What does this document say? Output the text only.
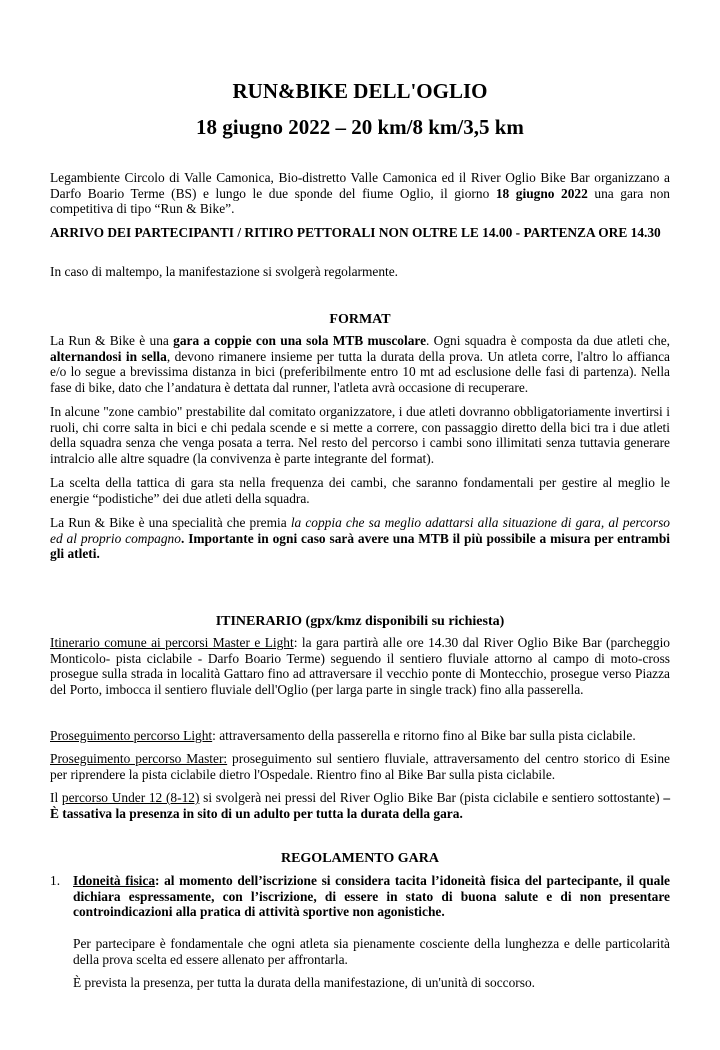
RUN&BIKE DELL'OGLIO
18 giugno 2022 – 20 km/8 km/3,5 km

Legambiente Circolo di Valle Camonica, Bio-distretto Valle Camonica ed il River Oglio Bike Bar organizzano a Darfo Boario Terme (BS) e lungo le due sponde del fiume Oglio, il giorno 18 giugno 2022 una gara non competitiva di tipo “Run & Bike”.

ARRIVO DEI PARTECIPANTI / RITIRO PETTORALI NON OLTRE LE 14.00 - PARTENZA ORE 14.30

In caso di maltempo, la manifestazione si svolgerà regolarmente.

FORMAT

La Run & Bike è una gara a coppie con una sola MTB muscolare. Ogni squadra è composta da due atleti che, alternandosi in sella, devono rimanere insieme per tutta la durata della prova. Un atleta corre, l'altro lo affianca e/o lo segue a brevissima distanza in bici (preferibilmente entro 10 mt ad esclusione delle fasi di partenza). Nella fase di bike, dato che l’andatura è dettata dal runner, l'atleta avrà occasione di recuperare.

In alcune "zone cambio" prestabilite dal comitato organizzatore, i due atleti dovranno obbligatoriamente invertirsi i ruoli, chi corre salta in bici e chi pedala scende e si mette a correre, con passaggio diretto della bici tra i due atleti della squadra senza che venga posata a terra. Nel resto del percorso i cambi sono illimitati senza tuttavia generare intralcio alle altre squadre (la convivenza è parte integrante del format).

La scelta della tattica di gara sta nella frequenza dei cambi, che saranno fondamentali per gestire al meglio le energie “podistiche” dei due atleti della squadra.

La Run & Bike è una specialità che premia la coppia che sa meglio adattarsi alla situazione di gara, al percorso ed al proprio compagno. Importante in ogni caso sarà avere una MTB il più possibile a misura per entrambi gli atleti.

ITINERARIO (gpx/kmz disponibili su richiesta)

Itinerario comune ai percorsi Master e Light: la gara partirà alle ore 14.30 dal River Oglio Bike Bar (parcheggio Monticolo- pista ciclabile - Darfo Boario Terme) seguendo il sentiero fluviale attorno al campo di moto-cross prosegue sulla strada in località Gattaro fino ad attraversare il vecchio ponte di Montecchio, prosegue verso Piazza del Porto, imbocca il sentiero fluviale dell'Oglio (per larga parte in single track) fino alla passerella.

Proseguimento percorso Light: attraversamento della passerella e ritorno fino al Bike bar sulla pista ciclabile.

Proseguimento percorso Master: proseguimento sul sentiero fluviale, attraversamento del centro storico di Esine per riprendere la pista ciclabile dietro l'Ospedale. Rientro fino al Bike Bar sulla pista ciclabile.

Il percorso Under 12 (8-12) si svolgerà nei pressi del River Oglio Bike Bar (pista ciclabile e sentiero sottostante) – È tassativa la presenza in sito di un adulto per tutta la durata della gara.

REGOLAMENTO GARA
1. Idoneità fisica: al momento dell’iscrizione si considera tacita l’idoneità fisica del partecipante, il quale dichiara espressamente, con l’iscrizione, di essere in stato di buona salute e di non presentare controindicazioni alla pratica di attività sportive non agonistiche.

Per partecipare è fondamentale che ogni atleta sia pienamente cosciente della lunghezza e delle particolarità della prova scelta ed essere allenato per affrontarla.

È prevista la presenza, per tutta la durata della manifestazione, di un'unità di soccorso.
